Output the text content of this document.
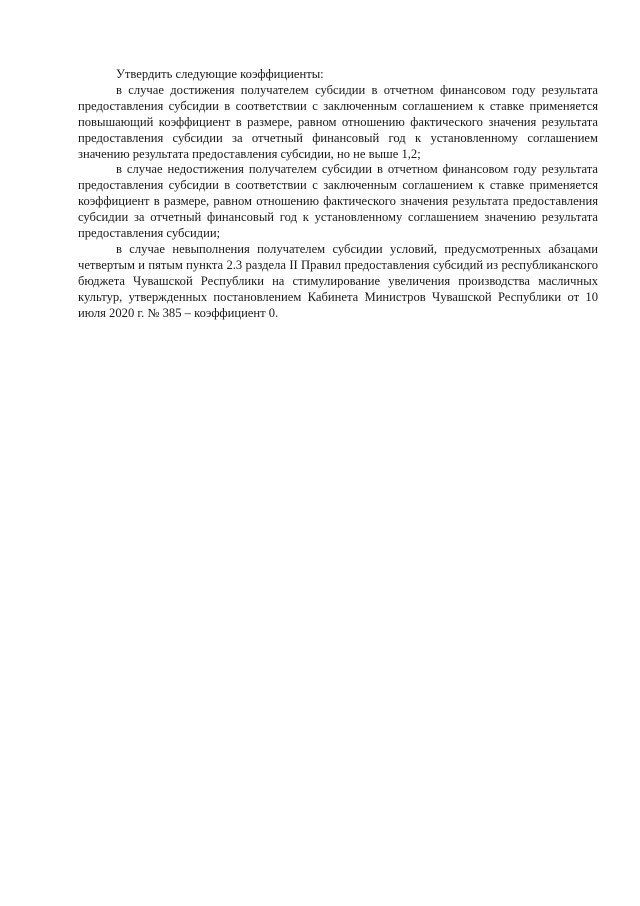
Утвердить следующие коэффициенты:

в случае достижения получателем субсидии в отчетном финансовом году результата предоставления субсидии в соответствии с заключенным соглашением к ставке применяется повышающий коэффициент в размере, равном отношению фактического значения результата предоставления субсидии за отчетный финансовый год к установленному соглашением значению результата предоставления субсидии, но не выше 1,2;

в случае недостижения получателем субсидии в отчетном финансовом году результата предоставления субсидии в соответствии с заключенным соглашением к ставке применяется коэффициент в размере, равном отношению фактического значения результата предоставления субсидии за отчетный финансовый год к установленному соглашением значению результата предоставления субсидии;

в случае невыполнения получателем субсидии условий, предусмотренных абзацами четвертым и пятым пункта 2.3 раздела II Правил предоставления субсидий из республиканского бюджета Чувашской Республики на стимулирование увеличения производства масличных культур, утвержденных постановлением Кабинета Министров Чувашской Республики от 10 июля 2020 г. № 385 – коэффициент 0.
